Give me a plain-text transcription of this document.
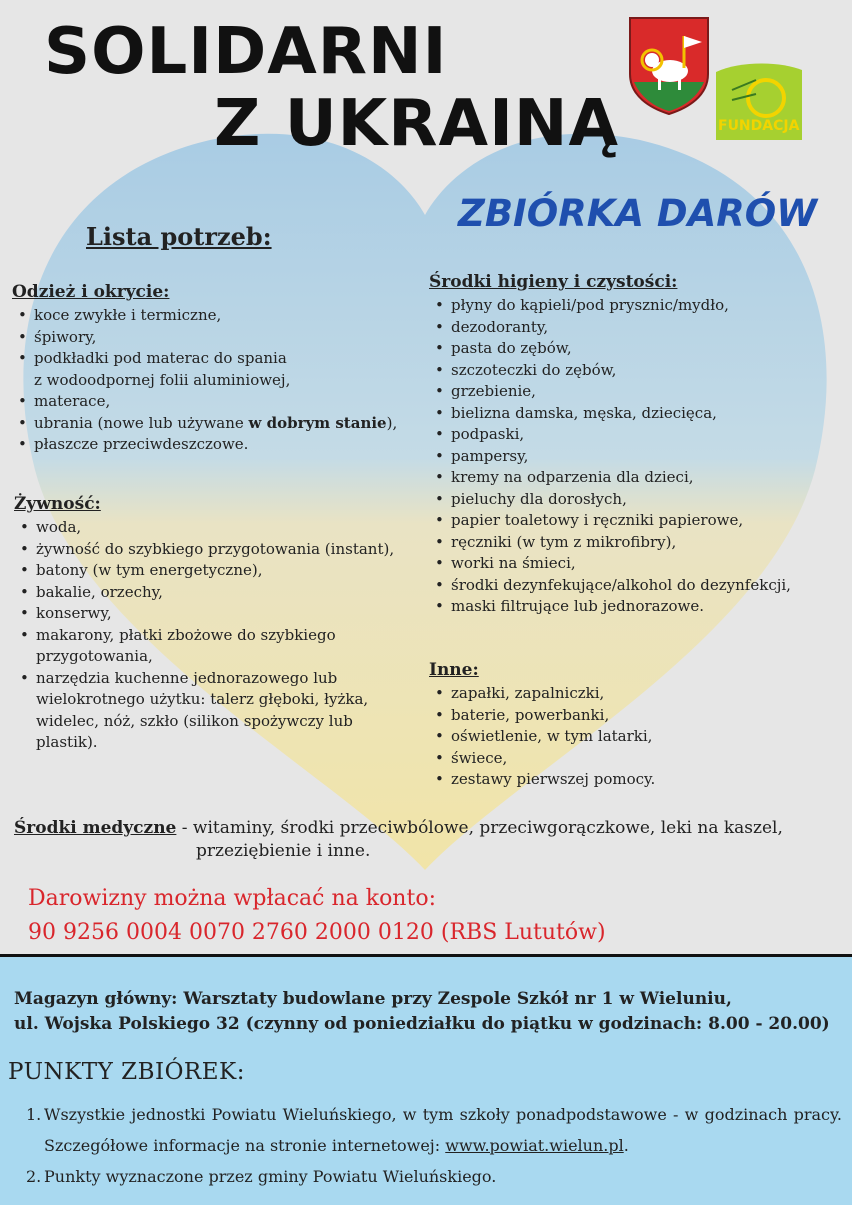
SOLIDARNI
Z UKRAINĄ	FUNDACJA
ZBIÓRKA DARÓW
Lista potrzeb:
Odzież i okrycie:
• koce zwykłe i termiczne,
• śpiwory,
• podkładki pod materac do spania
z wodoodpornej folii aluminiowej,
• materace,
• ubrania (nowe lub używane w dobrym stanie),
• płaszcze przeciwdeszczowe.
Żywność:
• woda,
• żywność do szybkiego przygotowania (instant),
• batony (w tym energetyczne),
• bakalie, orzechy,
• konserwy,
• makarony, płatki zbożowe do szybkiego
przygotowania,
• narzędzia kuchenne jednorazowego lub
wielokrotnego użytku: talerz głęboki, łyżka,
widelec, nóż, szkło (silikon spożywczy lub
plastik).
Środki higieny i czystości:
• płyny do kąpieli/pod prysznic/mydło,
• dezodoranty,
• pasta do zębów,
• szczoteczki do zębów,
• grzebienie,
• bielizna damska, męska, dziecięca,
• podpaski,
• pampersy,
• kremy na odparzenia dla dzieci,
• pieluchy dla dorosłych,
• papier toaletowy i ręczniki papierowe,
• ręczniki (w tym z mikrofibry),
• worki na śmieci,
• środki dezynfekujące/alkohol do dezynfekcji,
• maski filtrujące lub jednorazowe.
Inne:
• zapałki, zapalniczki,
• baterie, powerbanki,
• oświetlenie, w tym latarki,
• świece,
• zestawy pierwszej pomocy.
Środki medyczne - witaminy, środki przeciwbólowe, przeciwgorączkowe, leki na kaszel,
przeziębienie i inne.
Darowizny można wpłacać na konto:
90 9256 0004 0070 2760 2000 0120 (RBS Lututów)
Magazyn główny: Warsztaty budowlane przy Zespole Szkół nr 1 w Wieluniu,
ul. Wojska Polskiego 32 (czynny od poniedziałku do piątku w godzinach: 8.00 - 20.00)
PUNKTY ZBIÓREK:
1. Wszystkie jednostki Powiatu Wieluńskiego, w tym szkoły ponadpodstawowe - w godzinach pracy. Szczegółowe informacje na stronie internetowej: www.powiat.wielun.pl.
2. Punkty wyznaczone przez gminy Powiatu Wieluńskiego.
